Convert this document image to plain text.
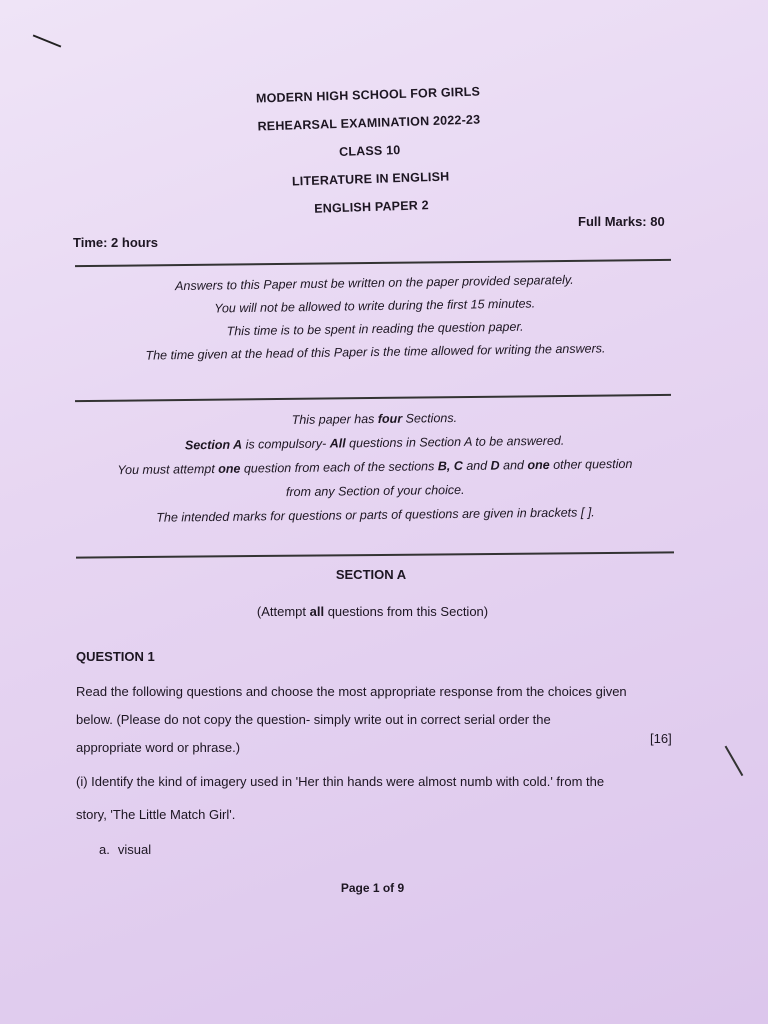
MODERN HIGH SCHOOL FOR GIRLS
REHEARSAL EXAMINATION 2022-23
CLASS 10
LITERATURE IN ENGLISH
ENGLISH PAPER 2
Time: 2 hours
Full Marks: 80
Answers to this Paper must be written on the paper provided separately.
You will not be allowed to write during the first 15 minutes.
This time is to be spent in reading the question paper.
The time given at the head of this Paper is the time allowed for writing the answers.
This paper has four Sections.
Section A is compulsory- All questions in Section A to be answered.
You must attempt one question from each of the sections B, C and D and one other question
from any Section of your choice.
The intended marks for questions or parts of questions are given in brackets [ ].
SECTION A
(Attempt all questions from this Section)
QUESTION 1
Read the following questions and choose the most appropriate response from the choices given
below. (Please do not copy the question- simply write out in correct serial order the
appropriate word or phrase.)
[16]
(i) Identify the kind of imagery used in 'Her thin hands were almost numb with cold.' from the
story, 'The Little Match Girl'.
a. visual
Page 1 of 9
